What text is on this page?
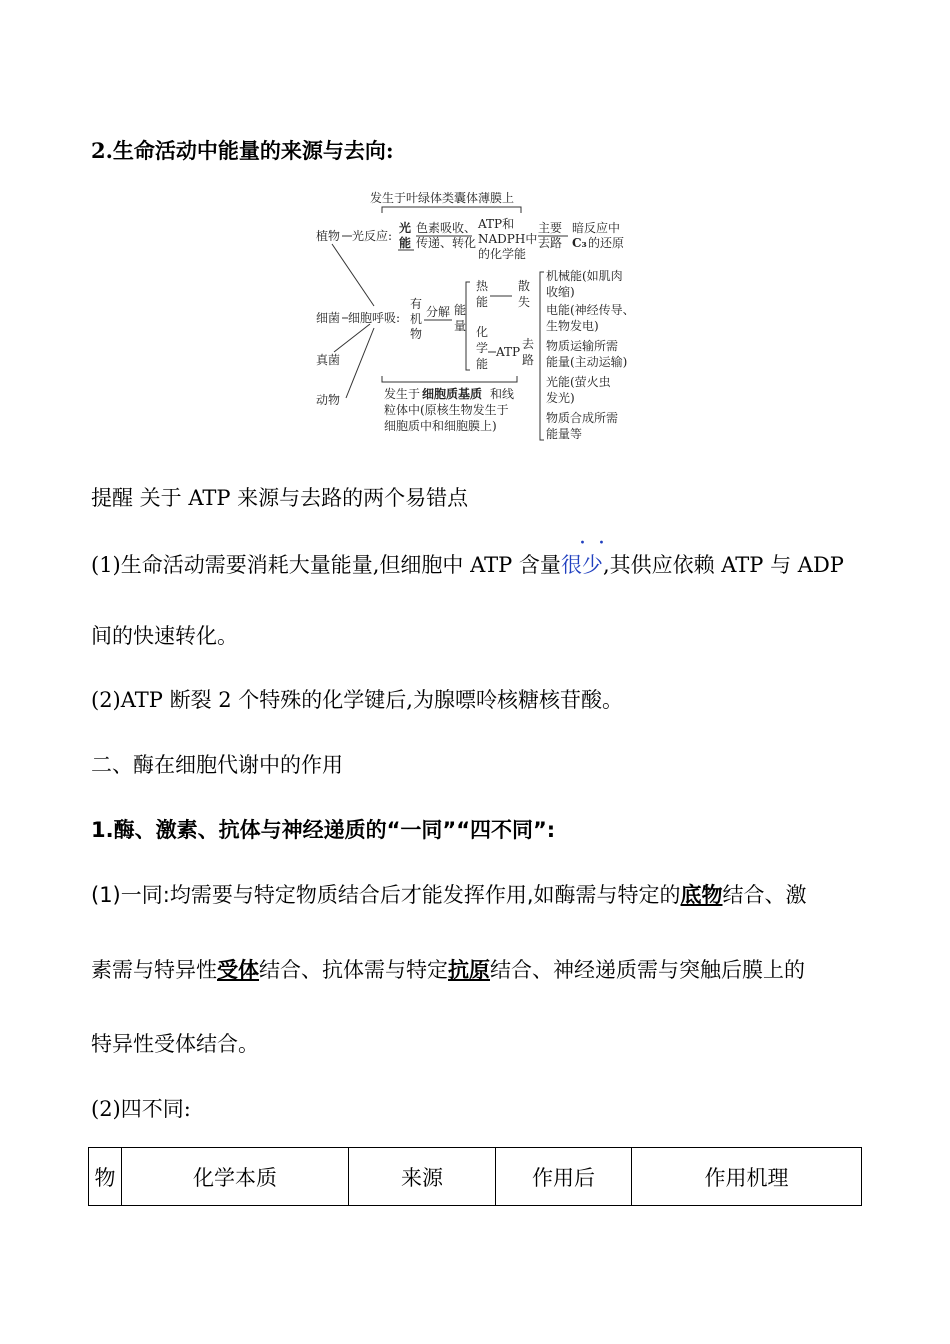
2.生命活动中能量的来源与去向:
发生于叶绿体类囊体薄膜上
植物 光反应:
光
能
色素吸收、
传递、转化
ATP和
NADPH中
的化学能
主要
去路
暗反应中
C₃ 的还原
细菌 细胞呼吸:
真菌
动物
有
机
物
分解 能
量
热
能
散
失
化
学
能
ATP
去
路
发生于 细胞质基质 和线
粒体中(原核生物发生于
细胞质中和细胞膜上)
机械能(如肌肉
收缩)
电能(神经传导、
生物发电)
物质运输所需
能量(主动运输)
光能(萤火虫
发光)
物质合成所需
能量等
提醒 关于 ATP 来源与去路的两个易错点
··
(1)生命活动需要消耗大量能量,但细胞中 ATP 含量很少,其供应依赖 ATP 与 ADP
间的快速转化。
(2)ATP 断裂 2 个特殊的化学键后,为腺嘌呤核糖核苷酸。
二、酶在细胞代谢中的作用
1.酶、激素、抗体与神经递质的“一同”“四不同”:
(1)一同:均需要与特定物质结合后才能发挥作用,如酶需与特定的底物结合、激
素需与特异性受体结合、抗体需与特定抗原结合、神经递质需与突触后膜上的
特异性受体结合。
(2)四不同:
物	化学本质	来源	作用后	作用机理
